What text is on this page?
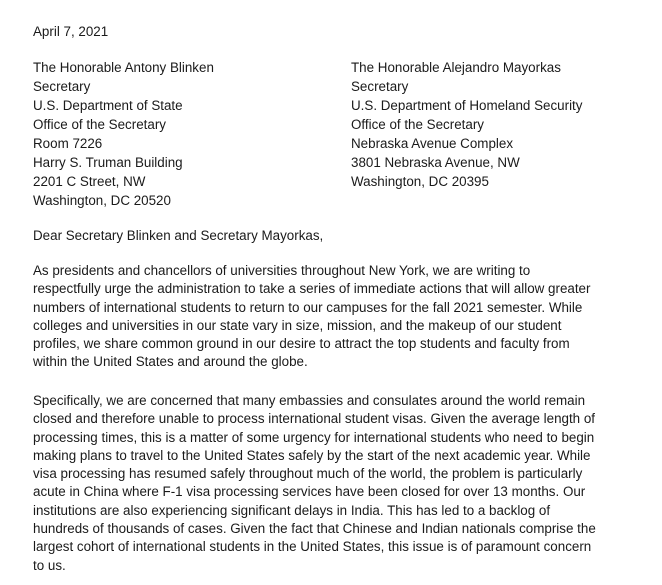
April 7, 2021

The Honorable Antony Blinken

Secretary

U.S. Department of State

Office of the Secretary

Room 7226

Harry S. Truman Building

2201 C Street, NW

Washington, DC 20520

The Honorable Alejandro Mayorkas

Secretary

U.S. Department of Homeland Security

Office of the Secretary

Nebraska Avenue Complex

3801 Nebraska Avenue, NW

Washington, DC 20395

Dear Secretary Blinken and Secretary Mayorkas,

As presidents and chancellors of universities throughout New York, we are writing to

respectfully urge the administration to take a series of immediate actions that will allow greater

numbers of international students to return to our campuses for the fall 2021 semester. While

colleges and universities in our state vary in size, mission, and the makeup of our student

profiles, we share common ground in our desire to attract the top students and faculty from

within the United States and around the globe.

Specifically, we are concerned that many embassies and consulates around the world remain

closed and therefore unable to process international student visas. Given the average length of

processing times, this is a matter of some urgency for international students who need to begin

making plans to travel to the United States safely by the start of the next academic year. While

visa processing has resumed safely throughout much of the world, the problem is particularly

acute in China where F-1 visa processing services have been closed for over 13 months. Our

institutions are also experiencing significant delays in India. This has led to a backlog of

hundreds of thousands of cases. Given the fact that Chinese and Indian nationals comprise the

largest cohort of international students in the United States, this issue is of paramount concern

to us.
